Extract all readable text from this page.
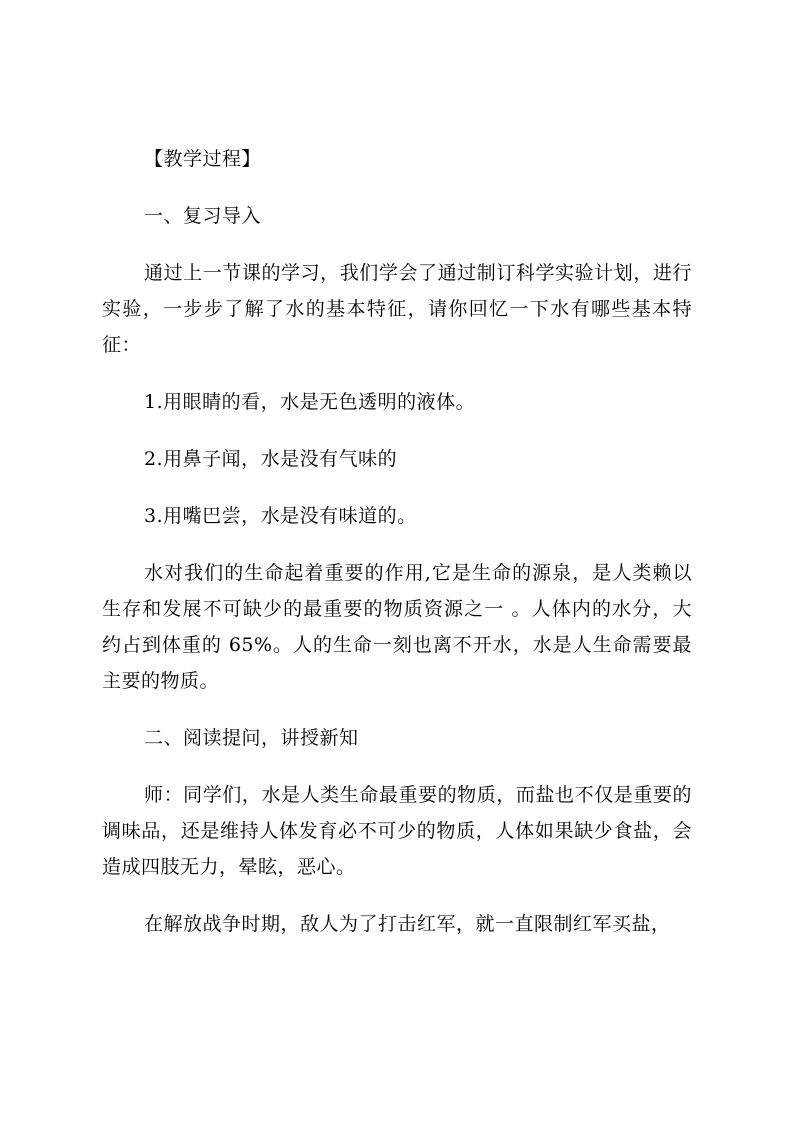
【教学过程】

一、复习导入

通过上一节课的学习，我们学会了通过制订科学实验计划，进行实验，一步步了解了水的基本特征，请你回忆一下水有哪些基本特征：

1.用眼睛的看，水是无色透明的液体。

2.用鼻子闻，水是没有气味的

3.用嘴巴尝，水是没有味道的。

水对我们的生命起着重要的作用,它是生命的源泉，是人类赖以生存和发展不可缺少的最重要的物质资源之一 。人体内的水分，大约占到体重的 65%。人的生命一刻也离不开水，水是人生命需要最主要的物质。

二、阅读提问，讲授新知

师：同学们，水是人类生命最重要的物质，而盐也不仅是重要的调味品，还是维持人体发育必不可少的物质，人体如果缺少食盐，会造成四肢无力，晕眩，恶心。

在解放战争时期，敌人为了打击红军，就一直限制红军买盐，
